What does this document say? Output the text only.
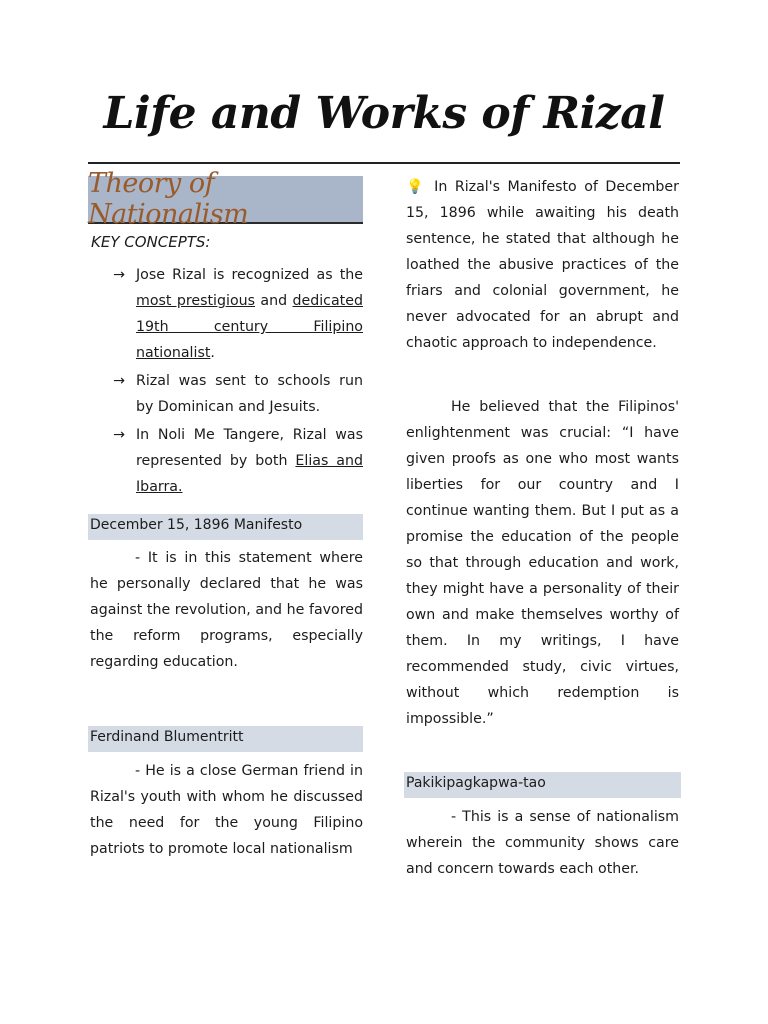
Life and Works of Rizal
Theory of Nationalism
KEY CONCEPTS:
→ Jose Rizal is recognized as the most prestigious and dedicated 19th century Filipino nationalist.
→ Rizal was sent to schools run by Dominican and Jesuits.
→ In Noli Me Tangere, Rizal was represented by both Elias and Ibarra.
December 15, 1896 Manifesto

- It is in this statement where he personally declared that he was against the revolution, and he favored the reform programs, especially regarding education.

Ferdinand Blumentritt

- He is a close German friend in Rizal's youth with whom he discussed the need for the young Filipino patriots to promote local nationalism

💡 In Rizal's Manifesto of December 15, 1896 while awaiting his death sentence, he stated that although he loathed the abusive practices of the friars and colonial government, he never advocated for an abrupt and chaotic approach to independence.

He believed that the Filipinos' enlightenment was crucial: “I have given proofs as one who most wants liberties for our country and I continue wanting them. But I put as a promise the education of the people so that through education and work, they might have a personality of their own and make themselves worthy of them. In my writings, I have recommended study, civic virtues, without which redemption is impossible.”

Pakikipagkapwa-tao

- This is a sense of nationalism wherein the community shows care and concern towards each other.
